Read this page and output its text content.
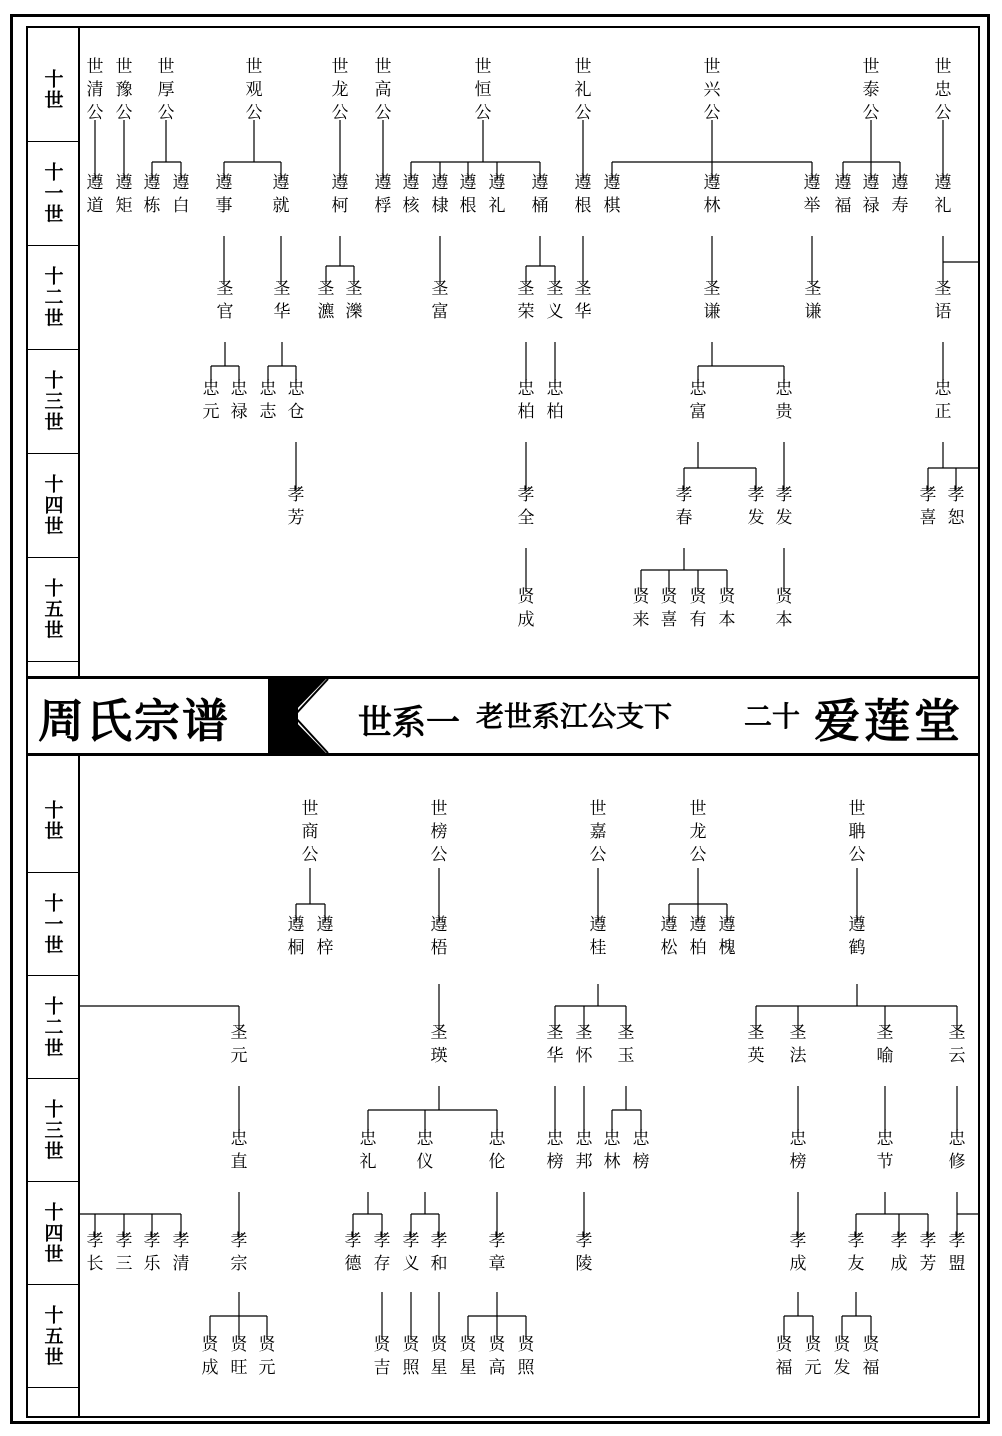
十世
十一世
十二世
十三世
十四世
十五世
世清公
世豫公
世厚公
世观公
世龙公
世高公
世恒公
世礼公
世兴公
世泰公
世忠公
遵道
遵矩
遵栋
遵白
遵事
遵就
遵柯
遵桴
遵核
遵棣
遵根
遵礼
遵桶
遵根
遵棋
遵林
遵举
遵福
遵禄
遵寿
遵礼
圣瀌
圣濼
圣官
圣华
圣富
圣荣
圣义
圣华
圣谦
圣谦
圣语
忠元
忠禄
忠志
忠仓
忠柏
忠柏
忠富
忠贵
忠正
孝芳
孝全
孝春
孝发
孝发
孝喜
孝恕
贤成
贤来
贤喜
贤有
贤本
贤本
周氏宗谱	世系一 老世系江公支下	二十 爱莲堂
十世
十一世
十二世
十三世
十四世
十五世
世商公
世榜公
世嘉公
世龙公
世聃公
遵桐
遵梓
遵梧
遵桂
遵松
遵柏
遵槐
遵鹤
圣元
圣瑛
圣华
圣怀
圣玉
圣英
圣法
圣喻
圣云
忠直
忠礼
忠仪
忠伦
忠榜
忠邦
忠林
忠榜
忠榜
忠节
忠修
孝长
孝三
孝乐
孝清
孝宗
孝德
孝存
孝义
孝和
孝章
孝陵
孝成
孝友
孝成
孝芳
孝盟
贤成
贤旺
贤元
贤吉
贤照
贤星
贤星
贤高
贤照
贤福
贤元
贤发
贤福
